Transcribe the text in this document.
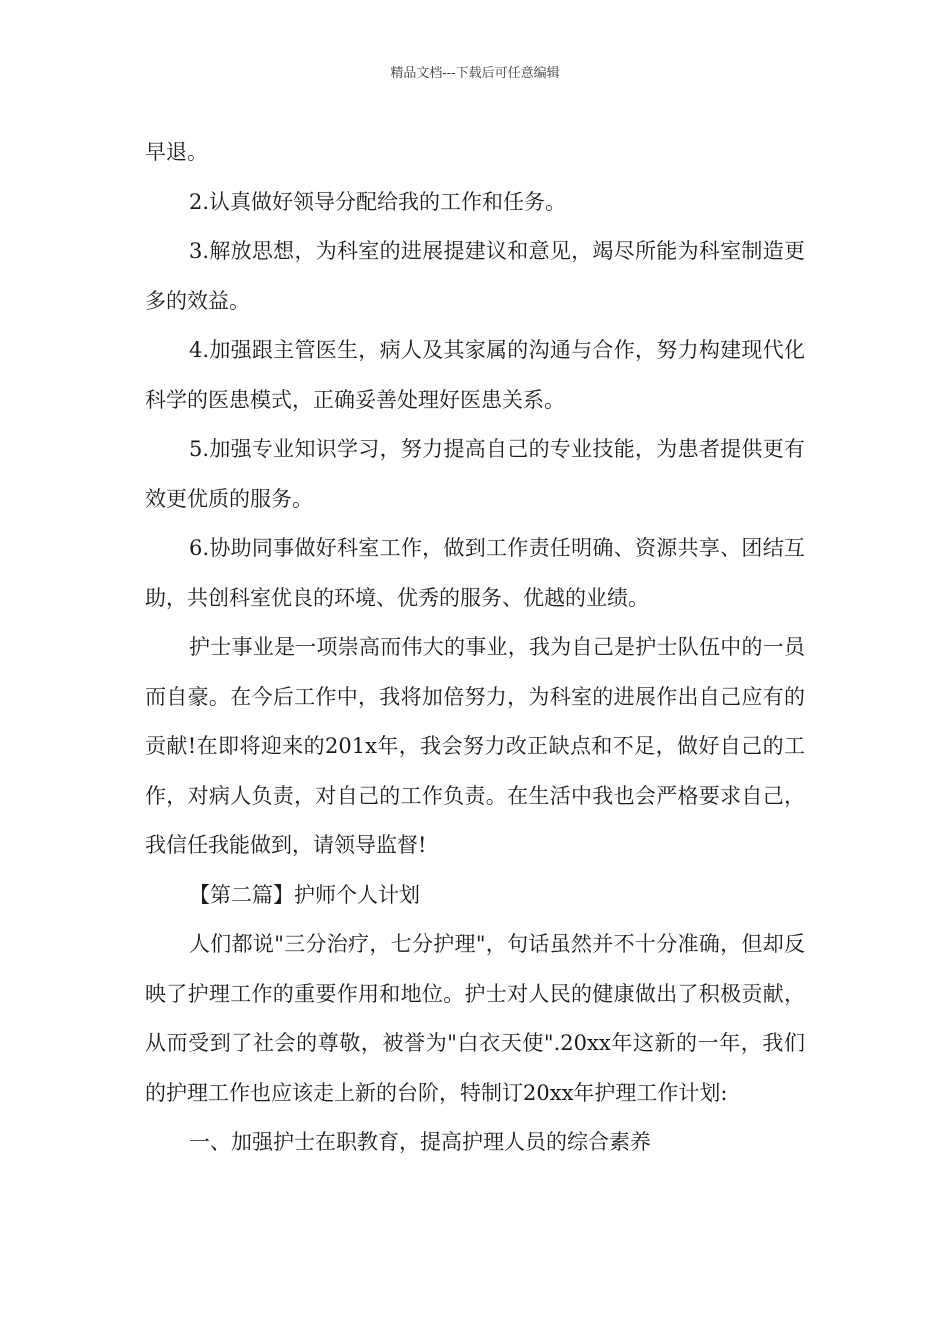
精品文档---下载后可任意编辑

早退。

2.认真做好领导分配给我的工作和任务。

3.解放思想，为科室的进展提建议和意见，竭尽所能为科室制造更多的效益。

4.加强跟主管医生，病人及其家属的沟通与合作，努力构建现代化科学的医患模式，正确妥善处理好医患关系。

5.加强专业知识学习，努力提高自己的专业技能，为患者提供更有效更优质的服务。

6.协助同事做好科室工作，做到工作责任明确、资源共享、团结互助，共创科室优良的环境、优秀的服务、优越的业绩。

护士事业是一项崇高而伟大的事业，我为自己是护士队伍中的一员而自豪。在今后工作中，我将加倍努力，为科室的进展作出自己应有的贡献!在即将迎来的201x年，我会努力改正缺点和不足，做好自己的工作，对病人负责，对自己的工作负责。在生活中我也会严格要求自己，我信任我能做到，请领导监督!

【第二篇】护师个人计划

人们都说"三分治疗，七分护理"，句话虽然并不十分准确，但却反映了护理工作的重要作用和地位。护士对人民的健康做出了积极贡献，从而受到了社会的尊敬，被誉为"白衣天使".20xx年这新的一年，我们的护理工作也应该走上新的台阶，特制订20xx年护理工作计划:

一、加强护士在职教育，提高护理人员的综合素养
